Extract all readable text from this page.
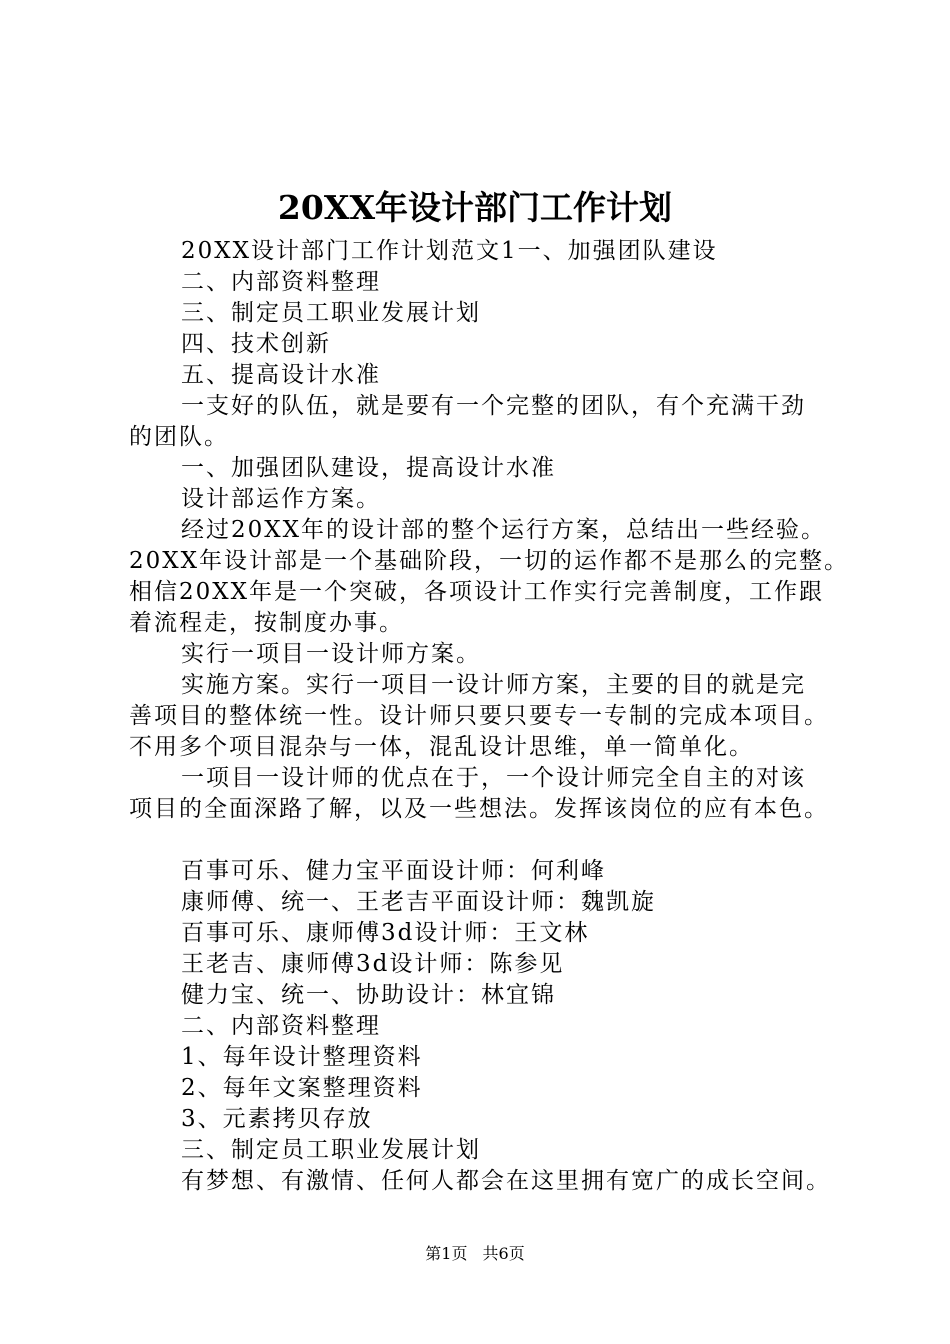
20XX年设计部门工作计划
20XX设计部门工作计划范文1一、加强团队建设
二、内部资料整理
三、制定员工职业发展计划
四、技术创新
五、提高设计水准
一支好的队伍，就是要有一个完整的团队，有个充满干劲
的团队。
一、加强团队建设，提高设计水准
设计部运作方案。
经过20XX年的设计部的整个运行方案，总结出一些经验。
20XX年设计部是一个基础阶段，一切的运作都不是那么的完整。
相信20XX年是一个突破，各项设计工作实行完善制度，工作跟
着流程走，按制度办事。
实行一项目一设计师方案。
实施方案。实行一项目一设计师方案，主要的目的就是完
善项目的整体统一性。设计师只要只要专一专制的完成本项目。
不用多个项目混杂与一体，混乱设计思维，单一简单化。
一项目一设计师的优点在于，一个设计师完全自主的对该
项目的全面深路了解，以及一些想法。发挥该岗位的应有本色。
百事可乐、健力宝平面设计师：何利峰
康师傅、统一、王老吉平面设计师：魏凯旋
百事可乐、康师傅3d设计师：王文林
王老吉、康师傅3d设计师：陈参见
健力宝、统一、协助设计：林宜锦
二、内部资料整理
1、每年设计整理资料
2、每年文案整理资料
3、元素拷贝存放
三、制定员工职业发展计划
有梦想、有激情、任何人都会在这里拥有宽广的成长空间。
第1页 共6页
